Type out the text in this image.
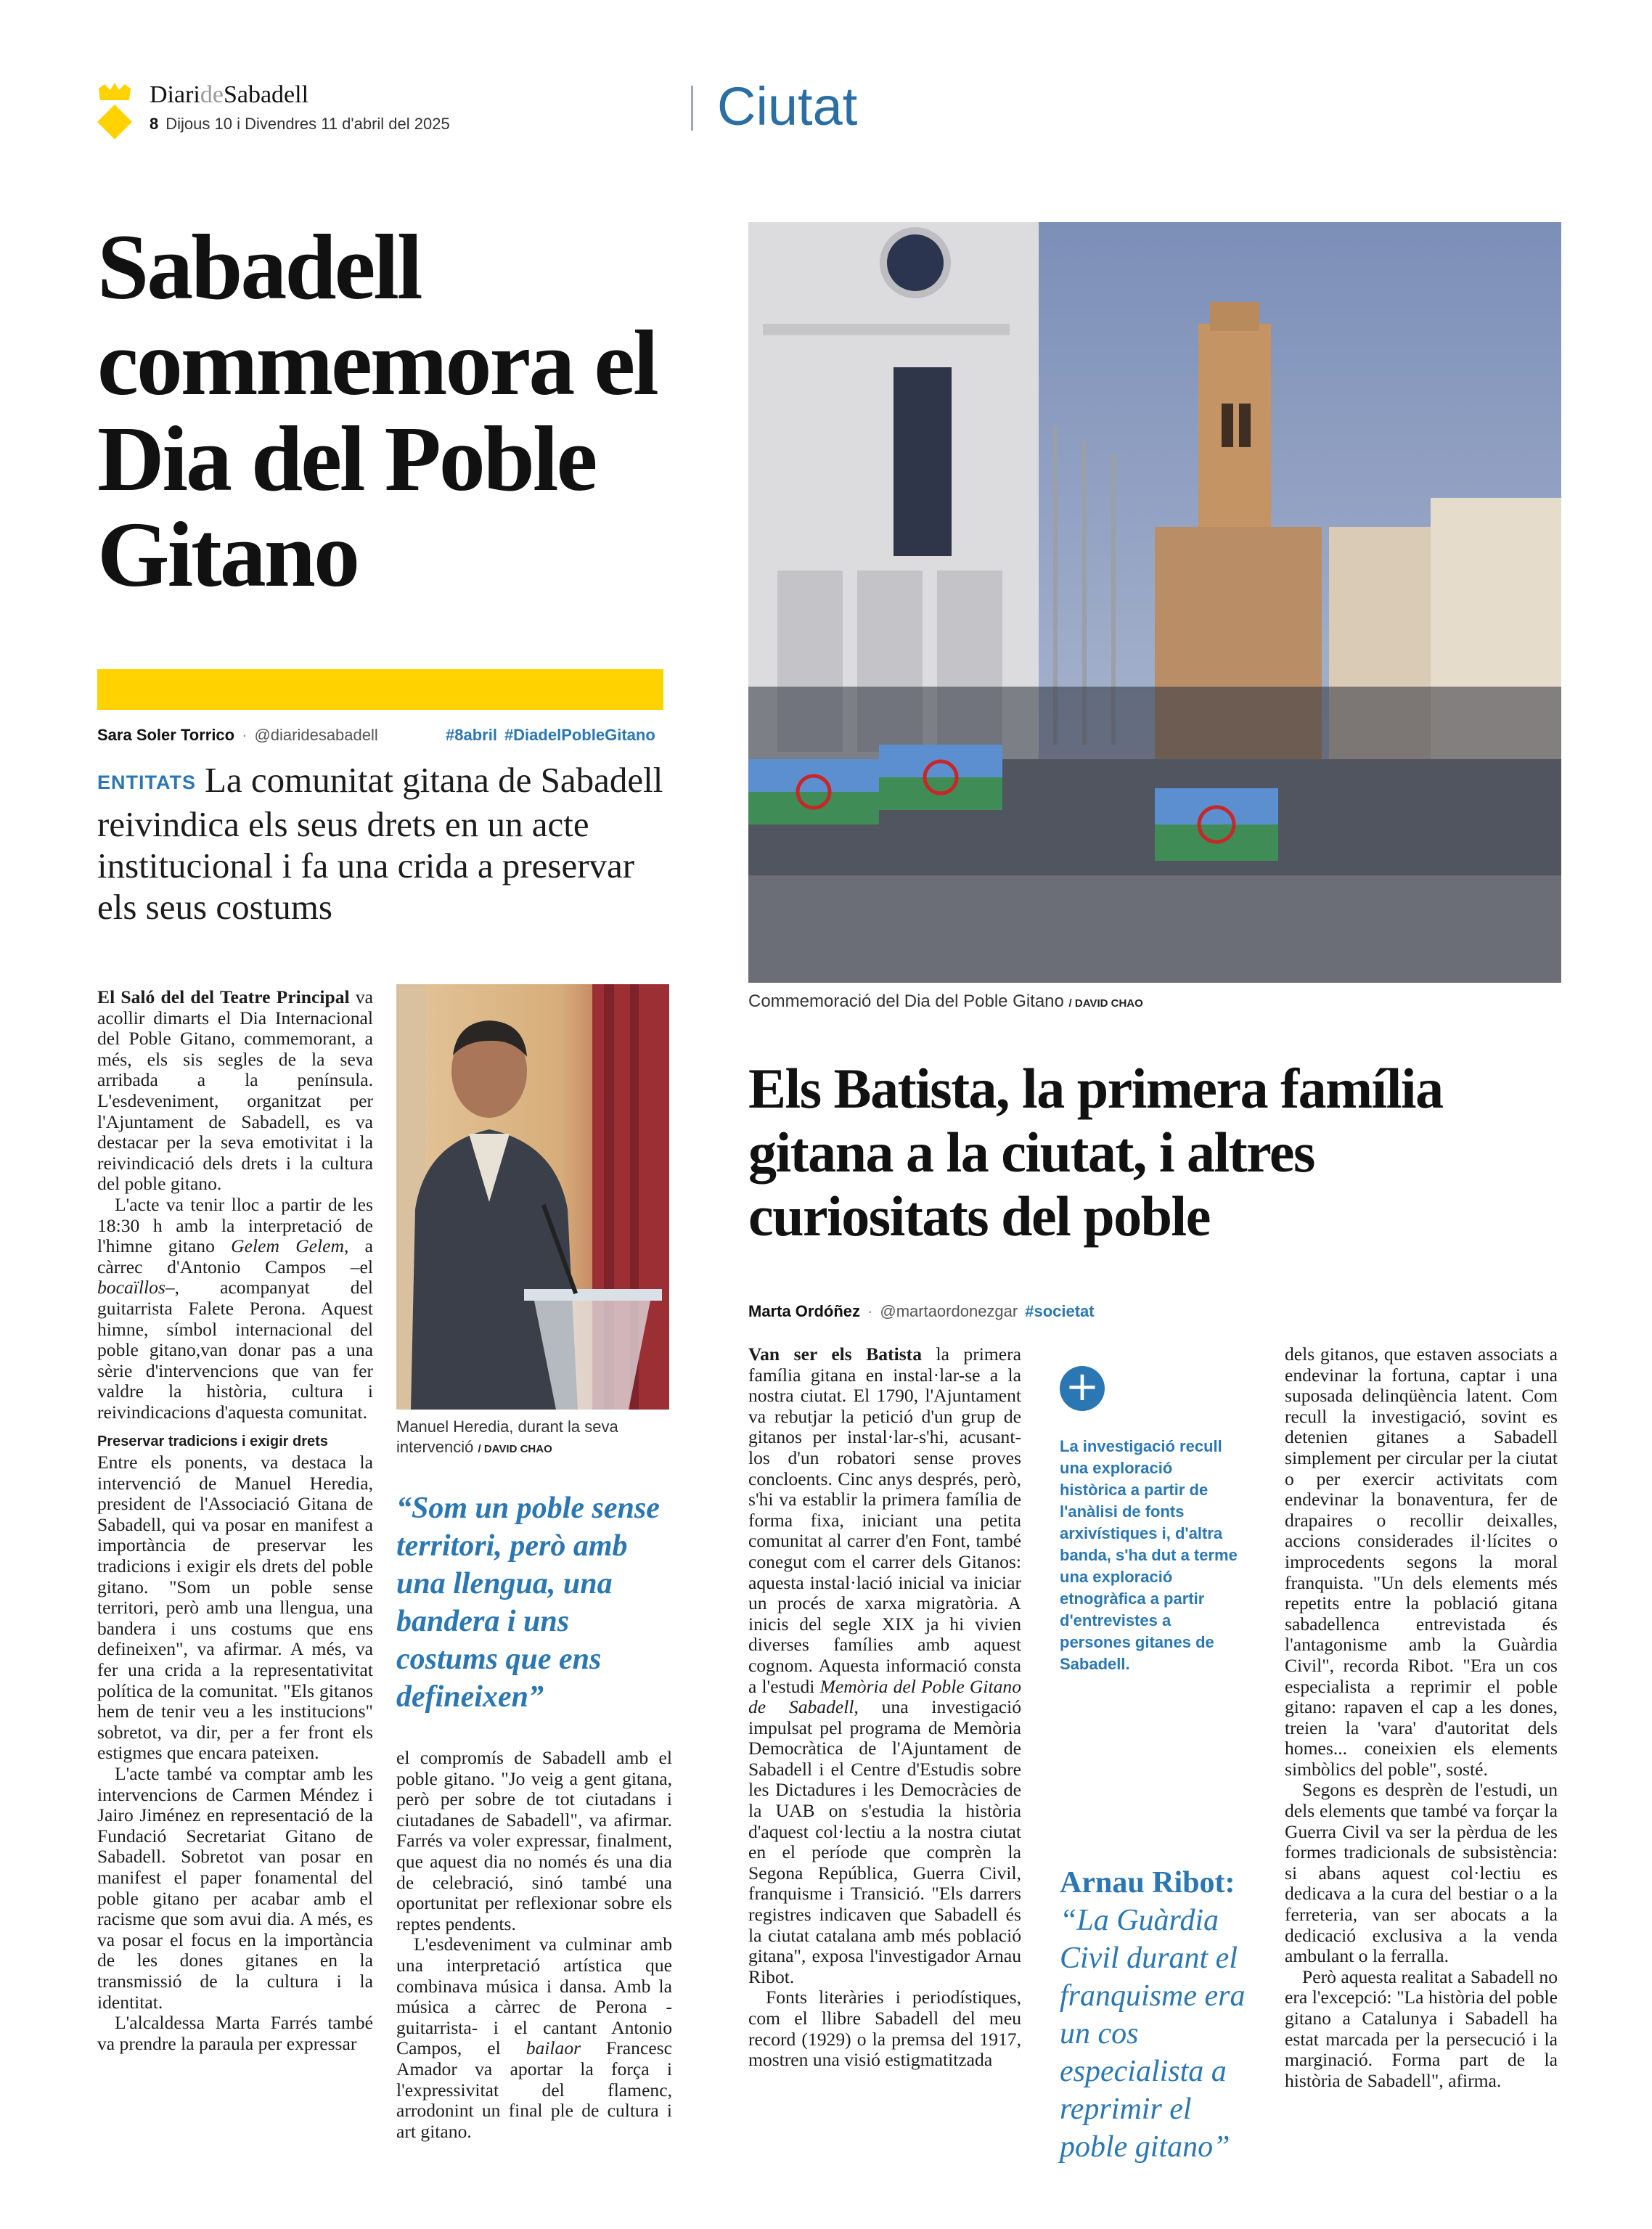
DiarideSabadell
8 Dijous 10 i Divendres 11 d'abril del 2025	Ciutat
Sabadell commemora el Dia del Poble Gitano
Sara Soler Torrico · @diaridesabadell	#8abril #DiadelPobleGitano
ENTITATS La comunitat gitana de Sabadell reivindica els seus drets en un acte institucional i fa una crida a preservar els seus costums

El Saló del del Teatre Principal va acollir dimarts el Dia Internacional del Poble Gitano, commemorant, a més, els sis segles de la seva arribada a la península. L'esdeveniment, organitzat per l'Ajuntament de Sabadell, es va destacar per la seva emotivitat i la reivindicació dels drets i la cultura del poble gitano.

L'acte va tenir lloc a partir de les 18:30 h amb la interpretació de l'himne gitano Gelem Gelem, a càrrec d'Antonio Campos –el bocaïllos–, acompanyat del guitarrista Falete Perona. Aquest himne, símbol internacional del poble gitano,van donar pas a una sèrie d'intervencions que van fer valdre la història, cultura i reivindicacions d'aquesta comunitat.

Preservar tradicions i exigir drets

Entre els ponents, va destaca la intervenció de Manuel Heredia, president de l'Associació Gitana de Sabadell, qui va posar en manifest a importància de preservar les tradicions i exigir els drets del poble gitano. "Som un poble sense territori, però amb una llengua, una bandera i uns costums que ens defineixen", va afirmar. A més, va fer una crida a la representativitat política de la comunitat. "Els gitanos hem de tenir veu a les institucions" sobretot, va dir, per a fer front els estigmes que encara pateixen.

L'acte també va comptar amb les intervencions de Carmen Méndez i Jairo Jiménez en representació de la Fundació Secretariat Gitano de Sabadell. Sobretot van posar en manifest el paper fonamental del poble gitano per acabar amb el racisme que som avui dia. A més, es va posar el focus en la importància de les dones gitanes en la transmissió de la cultura i la identitat.

L'alcaldessa Marta Farrés també va prendre la paraula per expressar

Manuel Heredia, durant la seva intervenció / DAVID CHAO
“Som un poble sense territori, però amb una llengua, una bandera i uns costums que ens defineixen”

el compromís de Sabadell amb el poble gitano. "Jo veig a gent gitana, però per sobre de tot ciutadans i ciutadanes de Sabadell", va afirmar. Farrés va voler expressar, finalment, que aquest dia no només és una dia de celebració, sinó també una oportunitat per reflexionar sobre els reptes pendents.

L'esdeveniment va culminar amb una interpretació artística que combinava música i dansa. Amb la música a càrrec de Perona -guitarrista- i el cantant Antonio Campos, el bailaor Francesc Amador va aportar la força i l'expressivitat del flamenc, arrodonint un final ple de cultura i art gitano.

Commemoració del Dia del Poble Gitano / DAVID CHAO
Els Batista, la primera família gitana a la ciutat, i altres curiositats del poble
Marta Ordóñez · @martaordonezgar #societat

Van ser els Batista la primera família gitana en instal·lar-se a la nostra ciutat. El 1790, l'Ajuntament va rebutjar la petició d'un grup de gitanos per instal·lar-s'hi, acusant-los d'un robatori sense proves concloents. Cinc anys després, però, s'hi va establir la primera família de forma fixa, iniciant una petita comunitat al carrer d'en Font, també conegut com el carrer dels Gitanos: aquesta instal·lació inicial va iniciar un procés de xarxa migratòria. A inicis del segle XIX ja hi vivien diverses famílies amb aquest cognom. Aquesta informació consta a l'estudi Memòria del Poble Gitano de Sabadell, una investigació impulsat pel programa de Memòria Democràtica de l'Ajuntament de Sabadell i el Centre d'Estudis sobre les Dictadures i les Democràcies de la UAB on s'estudia la història d'aquest col·lectiu a la nostra ciutat en el període que comprèn la Segona República, Guerra Civil, franquisme i Transició. "Els darrers registres indicaven que Sabadell és la ciutat catalana amb més població gitana", exposa l'investigador Arnau Ribot.

Fonts literàries i periodístiques, com el llibre Sabadell del meu record (1929) o la premsa del 1917, mostren una visió estigmatitzada

+
La investigació recull una exploració històrica a partir de l'anàlisi de fonts arxivístiques i, d'altra banda, s'ha dut a terme una exploració etnogràfica a partir d'entrevistes a persones gitanes de Sabadell.
Arnau Ribot:
“La Guàrdia Civil durant el franquisme era un cos especialista a reprimir el poble gitano”

dels gitanos, que estaven associats a endevinar la fortuna, captar i una suposada delinqüència latent. Com recull la investigació, sovint es detenien gitanes a Sabadell simplement per circular per la ciutat o per exercir activitats com endevinar la bonaventura, fer de drapaires o recollir deixalles, accions considerades il·lícites o improcedents segons la moral franquista. "Un dels elements més repetits entre la població gitana sabadellenca entrevistada és l'antagonisme amb la Guàrdia Civil", recorda Ribot. "Era un cos especialista a reprimir el poble gitano: rapaven el cap a les dones, treien la 'vara' d'autoritat dels homes... coneixien els elements simbòlics del poble", sosté.

Segons es desprèn de l'estudi, un dels elements que també va forçar la Guerra Civil va ser la pèrdua de les formes tradicionals de subsistència: si abans aquest col·lectiu es dedicava a la cura del bestiar o a la ferreteria, van ser abocats a la dedicació exclusiva a la venda ambulant o la ferralla.

Però aquesta realitat a Sabadell no era l'excepció: "La història del poble gitano a Catalunya i Sabadell ha estat marcada per la persecució i la marginació. Forma part de la història de Sabadell", afirma.
